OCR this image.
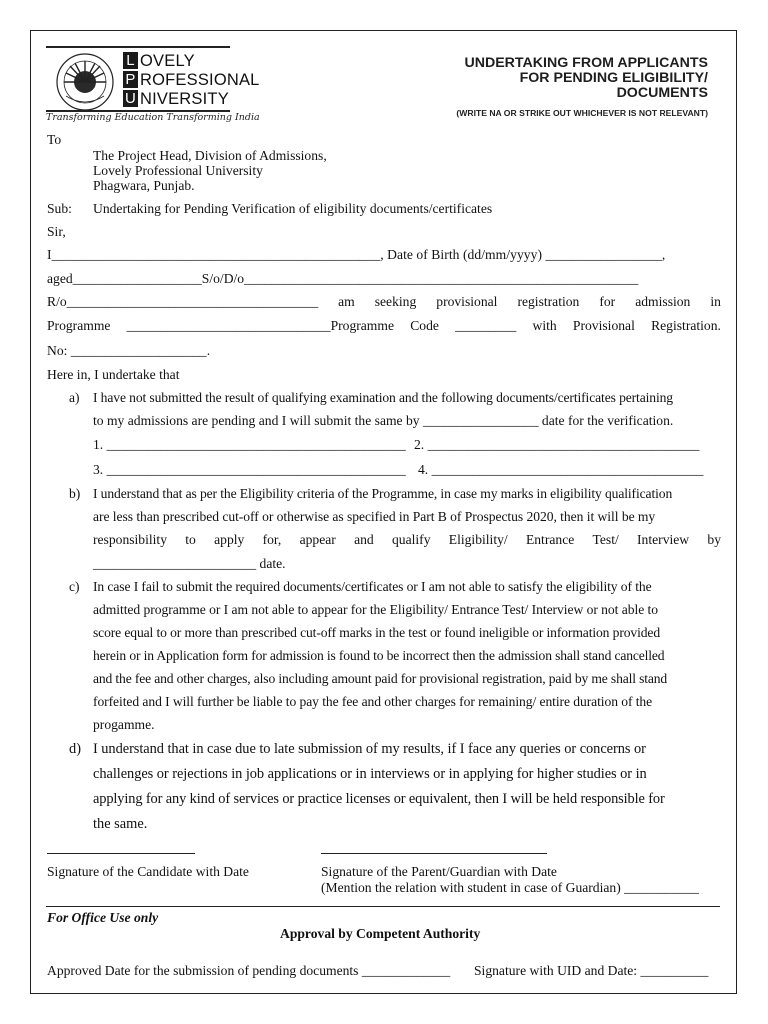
L OVELY
P ROFESSIONAL
U NIVERSITY
Transforming Education Transforming India
UNDERTAKING FROM APPLICANTS
FOR PENDING ELIGIBILITY/
DOCUMENTS
(WRITE NA OR STRIKE OUT WHICHEVER IS NOT RELEVANT)
To
The Project Head, Division of Admissions,
Lovely Professional University
Phagwara, Punjab.
Sub: Undertaking for Pending Verification of eligibility documents/certificates
Sir,
I________________________________________________, Date of Birth (dd/mm/yyyy) _________________,
aged___________________S/o/D/o__________________________________________________________
R/o_____________________________________ am seeking provisional registration for admission in
Programme ______________________________Programme Code _________ with Provisional Registration.
No: ____________________.
Here in, I undertake that
a) I have not submitted the result of qualifying examination and the following documents/certificates pertaining
to my admissions are pending and I will submit the same by _________________ date for the verification.
1. ____________________________________________ 2. ________________________________________
3. ____________________________________________ 4. ________________________________________
b) I understand that as per the Eligibility criteria of the Programme, in case my marks in eligibility qualification
are less than prescribed cut-off or otherwise as specified in Part B of Prospectus 2020, then it will be my
responsibility to apply for, appear and qualify Eligibility/ Entrance Test/ Interview by
________________________ date.
c) In case I fail to submit the required documents/certificates or I am not able to satisfy the eligibility of the
admitted programme or I am not able to appear for the Eligibility/ Entrance Test/ Interview or not able to
score equal to or more than prescribed cut-off marks in the test or found ineligible or information provided
herein or in Application form for admission is found to be incorrect then the admission shall stand cancelled
and the fee and other charges, also including amount paid for provisional registration, paid by me shall stand
forfeited and I will further be liable to pay the fee and other charges for remaining/ entire duration of the
progamme.
d) I understand that in case due to late submission of my results, if I face any queries or concerns or
challenges or rejections in job applications or in interviews or in applying for higher studies or in
applying for any kind of services or practice licenses or equivalent, then I will be held responsible for
the same.
Signature of the Candidate with Date	Signature of the Parent/Guardian with Date
(Mention the relation with student in case of Guardian) ___________
For Office Use only
Approval by Competent Authority
Approved Date for the submission of pending documents _____________ Signature with UID and Date: __________
